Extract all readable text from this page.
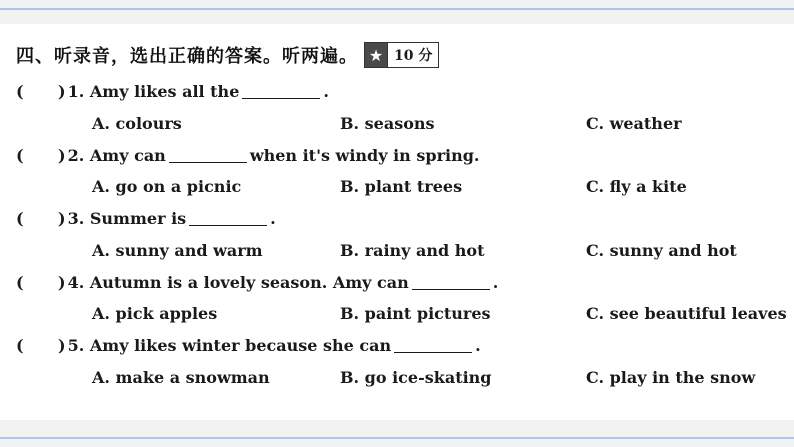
四、听录音，选出正确的答案。听两遍。 ★ 10 分
(	) 1.
Amy likes all the	.
A. colours	B. seasons	C. weather
(	) 2.
Amy can	when it's windy in spring.
A. go on a picnic	B. plant trees	C. fly a kite
(	) 3.
Summer is	.
A. sunny and warm	B. rainy and hot	C. sunny and hot
(	) 4.
Autumn is a lovely season. Amy can	.
A. pick apples	B. paint pictures	C. see beautiful leaves
(	) 5.
Amy likes winter because she can	.
A. make a snowman	B. go ice-skating	C. play in the snow
